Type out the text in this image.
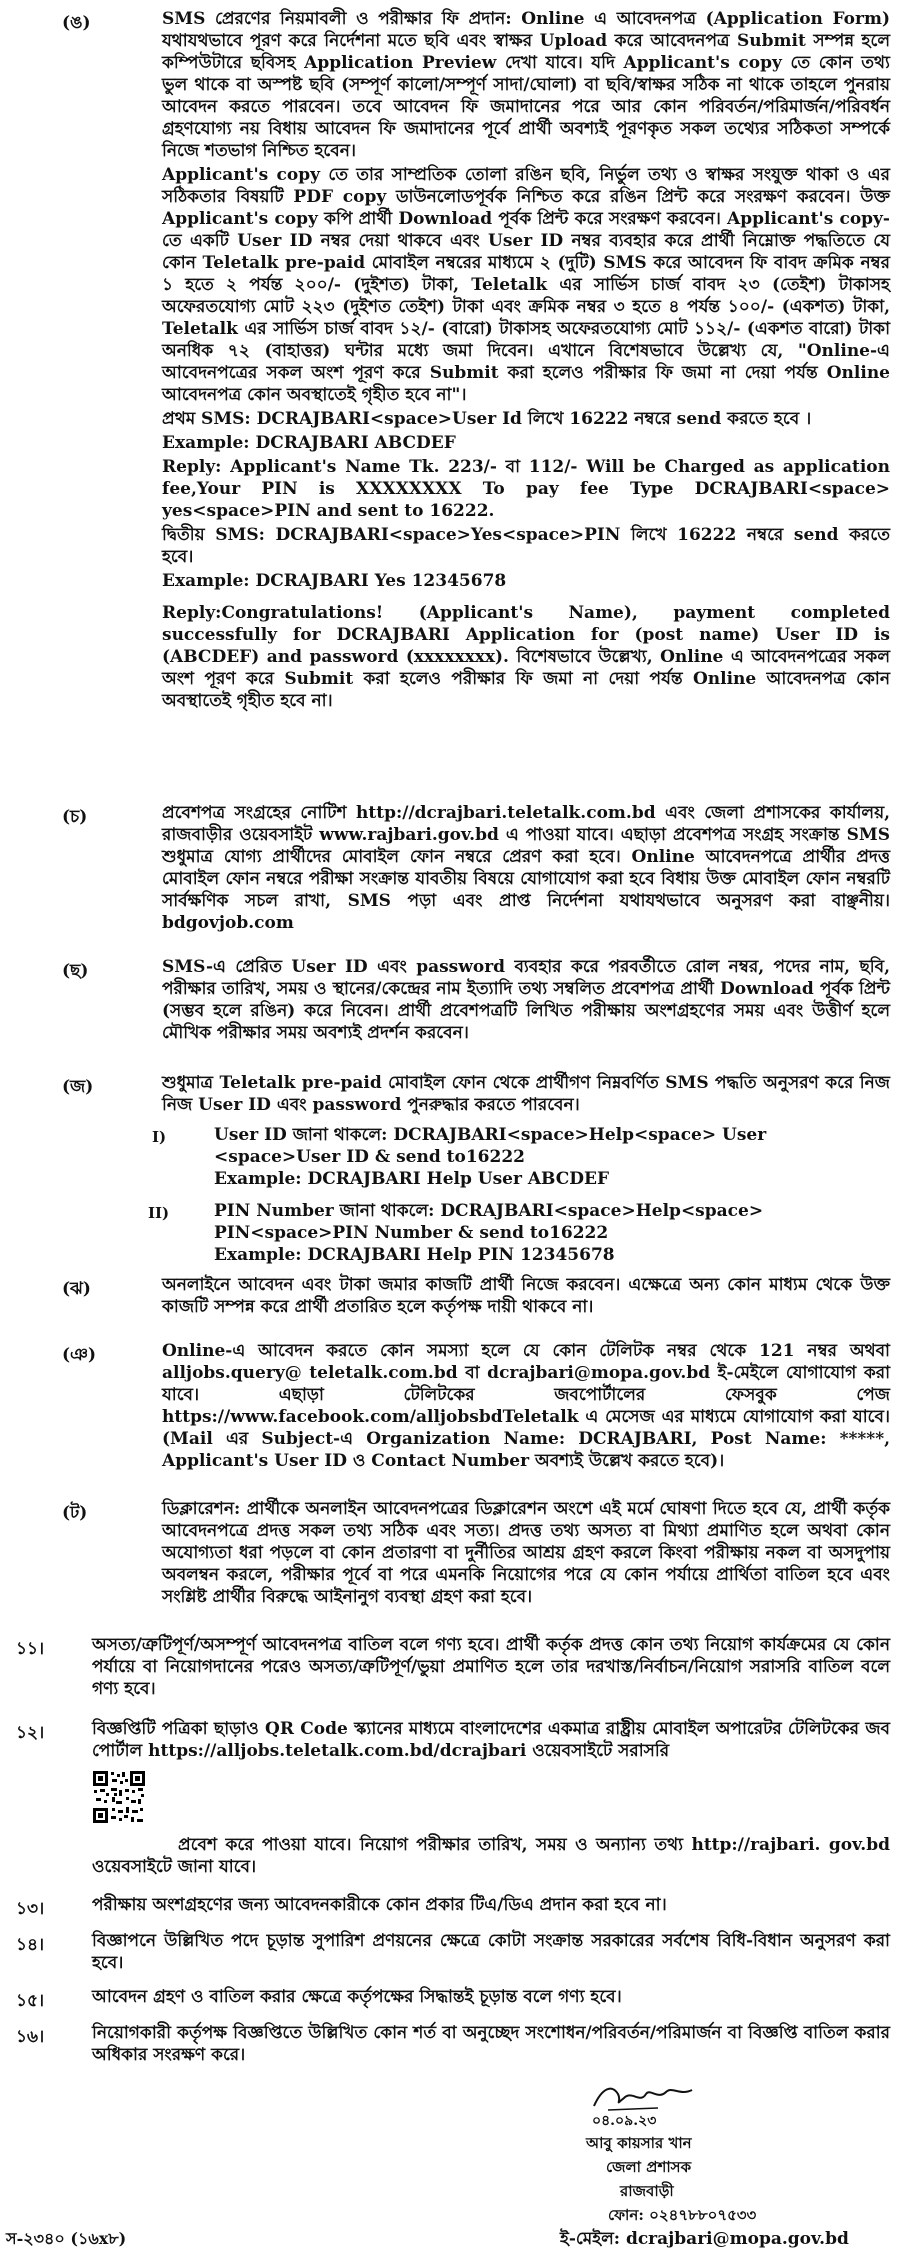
(ঙ)	SMS প্রেরণের নিয়মাবলী ও পরীক্ষার ফি প্রদান: Online এ আবেদনপত্র (Application Form) যথাযথভাবে পূরণ করে নির্দেশনা মতে ছবি এবং স্বাক্ষর Upload করে আবেদনপত্র Submit সম্পন্ন হলে কম্পিউটারে ছবিসহ Application Preview দেখা যাবে। যদি Applicant's copy তে কোন তথ্য ভুল থাকে বা অস্পষ্ট ছবি (সম্পূর্ণ কালো/সম্পূর্ণ সাদা/ঘোলা) বা ছবি/স্বাক্ষর সঠিক না থাকে তাহলে পুনরায় আবেদন করতে পারবেন। তবে আবেদন ফি জমাদানের পরে আর কোন পরিবর্তন/পরিমার্জন/পরিবর্ধন গ্রহণযোগ্য নয় বিধায় আবেদন ফি জমাদানের পূর্বে প্রার্থী অবশ্যই পূরণকৃত সকল তথ্যের সঠিকতা সম্পর্কে নিজে শতভাগ নিশ্চিত হবেন।

Applicant's copy তে তার সাম্প্রতিক তোলা রঙিন ছবি, নির্ভুল তথ্য ও স্বাক্ষর সংযুক্ত থাকা ও এর সঠিকতার বিষয়টি PDF copy ডাউনলোডপূর্বক নিশ্চিত করে রঙিন প্রিন্ট করে সংরক্ষণ করবেন। উক্ত Applicant's copy কপি প্রার্থী Download পূর্বক প্রিন্ট করে সংরক্ষণ করবেন। Applicant's copy-তে একটি User ID নম্বর দেয়া থাকবে এবং User ID নম্বর ব্যবহার করে প্রার্থী নিম্নোক্ত পদ্ধতিতে যে কোন Teletalk pre-paid মোবাইল নম্বরের মাধ্যমে ২ (দুটি) SMS করে আবেদন ফি বাবদ ক্রমিক নম্বর ১ হতে ২ পর্যন্ত ২০০/- (দুইশত) টাকা, Teletalk এর সার্ভিস চার্জ বাবদ ২৩ (তেইশ) টাকাসহ অফেরতযোগ্য মোট ২২৩ (দুইশত তেইশ) টাকা এবং ক্রমিক নম্বর ৩ হতে ৪ পর্যন্ত ১০০/- (একশত) টাকা, Teletalk এর সার্ভিস চার্জ বাবদ ১২/- (বারো) টাকাসহ অফেরতযোগ্য মোট ১১২/- (একশত বারো) টাকা অনধিক ৭২ (বাহাত্তর) ঘন্টার মধ্যে জমা দিবেন। এখানে বিশেষভাবে উল্লেখ্য যে, "Online-এ আবেদনপত্রের সকল অংশ পূরণ করে Submit করা হলেও পরীক্ষার ফি জমা না দেয়া পর্যন্ত Online আবেদনপত্র কোন অবস্থাতেই গৃহীত হবে না"।

প্রথম SMS: DCRAJBARI<space>User Id লিখে 16222 নম্বরে send করতে হবে ।

Example: DCRAJBARI ABCDEF

Reply: Applicant's Name Tk. 223/- বা 112/- Will be Charged as application fee,Your PIN is XXXXXXXX To pay fee Type DCRAJBARI<space> yes<space>PIN and sent to 16222.

দ্বিতীয় SMS: DCRAJBARI<space>Yes<space>PIN লিখে 16222 নম্বরে send করতে হবে।

Example: DCRAJBARI Yes 12345678

Reply:Congratulations! (Applicant's Name), payment completed successfully for DCRAJBARI Application for (post name) User ID is (ABCDEF) and password (xxxxxxxx). বিশেষভাবে উল্লেখ্য, Online এ আবেদনপত্রের সকল অংশ পূরণ করে Submit করা হলেও পরীক্ষার ফি জমা না দেয়া পর্যন্ত Online আবেদনপত্র কোন অবস্থাতেই গৃহীত হবে না।

(চ)	প্রবেশপত্র সংগ্রহের নোটিশ http://dcrajbari.teletalk.com.bd এবং জেলা প্রশাসকের কার্যালয়, রাজবাড়ীর ওয়েবসাইট www.rajbari.gov.bd এ পাওয়া যাবে। এছাড়া প্রবেশপত্র সংগ্রহ সংক্রান্ত SMS শুধুমাত্র যোগ্য প্রার্থীদের মোবাইল ফোন নম্বরে প্রেরণ করা হবে। Online আবেদনপত্রে প্রার্থীর প্রদত্ত মোবাইল ফোন নম্বরে পরীক্ষা সংক্রান্ত যাবতীয় বিষয়ে যোগাযোগ করা হবে বিধায় উক্ত মোবাইল ফোন নম্বরটি সার্বক্ষণিক সচল রাখা, SMS পড়া এবং প্রাপ্ত নির্দেশনা যথাযথভাবে অনুসরণ করা বাঞ্ছনীয়। bdgovjob.com

(ছ)	SMS-এ প্রেরিত User ID এবং password ব্যবহার করে পরবর্তীতে রোল নম্বর, পদের নাম, ছবি, পরীক্ষার তারিখ, সময় ও স্থানের/কেন্দ্রের নাম ইত্যাদি তথ্য সম্বলিত প্রবেশপত্র প্রার্থী Download পূর্বক প্রিন্ট (সম্ভব হলে রঙিন) করে নিবেন। প্রার্থী প্রবেশপত্রটি লিখিত পরীক্ষায় অংশগ্রহণের সময় এবং উত্তীর্ণ হলে মৌখিক পরীক্ষার সময় অবশ্যই প্রদর্শন করবেন।

(জ)	শুধুমাত্র Teletalk pre-paid মোবাইল ফোন থেকে প্রার্থীগণ নিম্নবর্ণিত SMS পদ্ধতি অনুসরণ করে নিজ নিজ User ID এবং password পুনরুদ্ধার করতে পারবেন।

I)	User ID জানা থাকলে: DCRAJBARI<space>Help<space> User <space>User ID & send to16222
Example: DCRAJBARI Help User ABCDEF
II)	PIN Number জানা থাকলে: DCRAJBARI<space>Help<space> PIN<space>PIN Number & send to16222
Example: DCRAJBARI Help PIN 12345678
(ঝ)	অনলাইনে আবেদন এবং টাকা জমার কাজটি প্রার্থী নিজে করবেন। এক্ষেত্রে অন্য কোন মাধ্যম থেকে উক্ত কাজটি সম্পন্ন করে প্রার্থী প্রতারিত হলে কর্তৃপক্ষ দায়ী থাকবে না।

(ঞ)	Online-এ আবেদন করতে কোন সমস্যা হলে যে কোন টেলিটক নম্বর থেকে 121 নম্বর অথবা alljobs.query@ teletalk.com.bd বা dcrajbari@mopa.gov.bd ই-মেইলে যোগাযোগ করা যাবে। এছাড়া টেলিটকের জবপোর্টালের ফেসবুক পেজ https://www.facebook.com/alljobsbdTeletalk এ মেসেজ এর মাধ্যমে যোগাযোগ করা যাবে। (Mail এর Subject-এ Organization Name: DCRAJBARI, Post Name: *****, Applicant's User ID ও Contact Number অবশ্যই উল্লেখ করতে হবে)।

(ট)	ডিক্লারেশন: প্রার্থীকে অনলাইন আবেদনপত্রের ডিক্লারেশন অংশে এই মর্মে ঘোষণা দিতে হবে যে, প্রার্থী কর্তৃক আবেদনপত্রে প্রদত্ত সকল তথ্য সঠিক এবং সত্য। প্রদত্ত তথ্য অসত্য বা মিথ্যা প্রমাণিত হলে অথবা কোন অযোগ্যতা ধরা পড়লে বা কোন প্রতারণা বা দুর্নীতির আশ্রয় গ্রহণ করলে কিংবা পরীক্ষায় নকল বা অসদুপায় অবলম্বন করলে, পরীক্ষার পূর্বে বা পরে এমনকি নিয়োগের পরে যে কোন পর্যায়ে প্রার্থিতা বাতিল হবে এবং সংশ্লিষ্ট প্রার্থীর বিরুদ্ধে আইনানুগ ব্যবস্থা গ্রহণ করা হবে।

১১।	অসত্য/ত্রুটিপূর্ণ/অসম্পূর্ণ আবেদনপত্র বাতিল বলে গণ্য হবে। প্রার্থী কর্তৃক প্রদত্ত কোন তথ্য নিয়োগ কার্যক্রমের যে কোন পর্যায়ে বা নিয়োগদানের পরেও অসত্য/ত্রুটিপূর্ণ/ভুয়া প্রমাণিত হলে তার দরখাস্ত/নির্বাচন/নিয়োগ সরাসরি বাতিল বলে গণ্য হবে।
১২।	বিজ্ঞপ্তিটি পত্রিকা ছাড়াও QR Code স্ক্যানের মাধ্যমে বাংলাদেশের একমাত্র রাষ্ট্রীয় মোবাইল অপারেটর টেলিটকের জব পোর্টাল https://alljobs.teletalk.com.bd/dcrajbari ওয়েবসাইটে সরাসরি
প্রবেশ করে পাওয়া যাবে। নিয়োগ পরীক্ষার তারিখ, সময় ও অন্যান্য তথ্য http://rajbari. gov.bd ওয়েবসাইটে জানা যাবে।
১৩।	পরীক্ষায় অংশগ্রহণের জন্য আবেদনকারীকে কোন প্রকার টিএ/ডিএ প্রদান করা হবে না।
১৪।	বিজ্ঞাপনে উল্লিখিত পদে চূড়ান্ত সুপারিশ প্রণয়নের ক্ষেত্রে কোটা সংক্রান্ত সরকারের সর্বশেষ বিধি-বিধান অনুসরণ করা হবে।
১৫।	আবেদন গ্রহণ ও বাতিল করার ক্ষেত্রে কর্তৃপক্ষের সিদ্ধান্তই চূড়ান্ত বলে গণ্য হবে।
১৬।	নিয়োগকারী কর্তৃপক্ষ বিজ্ঞপ্তিতে উল্লিখিত কোন শর্ত বা অনুচ্ছেদ সংশোধন/পরিবর্তন/পরিমার্জন বা বিজ্ঞপ্তি বাতিল করার অধিকার সংরক্ষণ করে।
০৪.০৯.২৩
আবু কায়সার খান
জেলা প্রশাসক
রাজবাড়ী
ফোন: ০২৪৭৮৮০৭৫৩৩
ই-মেইল: dcrajbari@mopa.gov.bd
স-২৩৪০ (১৬x৮)
